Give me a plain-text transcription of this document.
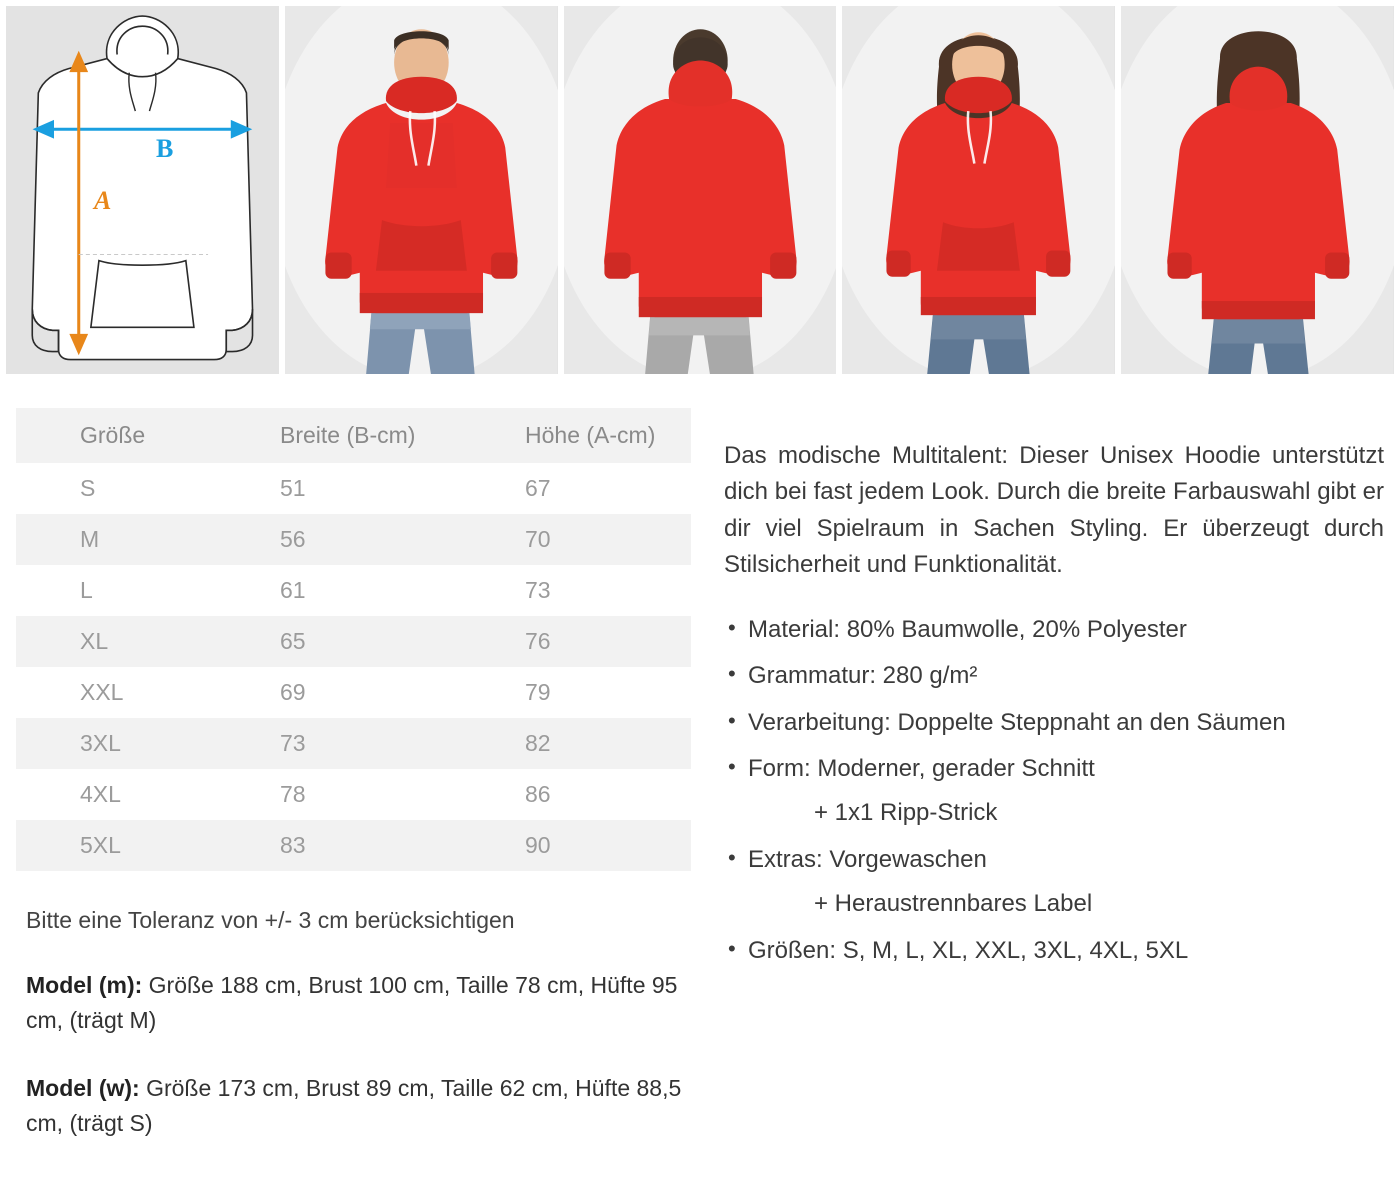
B
A
Größe	Breite (B-cm)	Höhe (A-cm)
S	51	67
M	56	70
L	61	73
XL	65	76
XXL	69	79
3XL	73	82
4XL	78	86
5XL	83	90
Bitte eine Toleranz von +/- 3 cm berücksichtigen
Model (m): Größe 188 cm, Brust 100 cm, Taille 78 cm, Hüfte 95 cm, (trägt M)
Model (w): Größe 173 cm, Brust 89 cm, Taille 62 cm, Hüfte 88,5 cm, (trägt S)

Das modische Multitalent: Dieser Unisex Hoodie unterstützt dich bei fast jedem Look. Durch die breite Farbauswahl gibt er dir viel Spielraum in Sachen Styling. Er überzeugt durch Stilsicherheit und Funktionalität.

• Material: 80% Baumwolle, 20% Polyester
• Grammatur: 280 g/m²
• Verarbeitung: Doppelte Steppnaht an den Säumen
• Form: Moderner, gerader Schnitt
+ 1x1 Ripp-Strick
• Extras: Vorgewaschen
+ Heraustrennbares Label
• Größen: S, M, L, XL, XXL, 3XL, 4XL, 5XL
